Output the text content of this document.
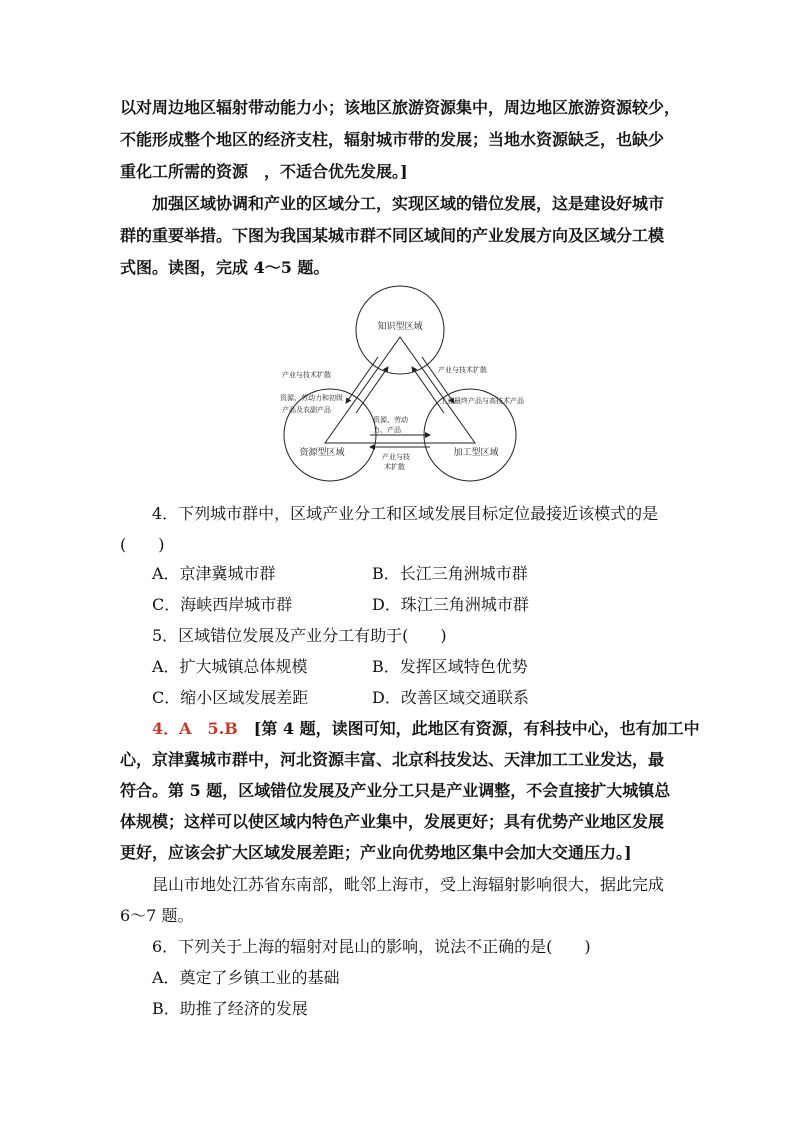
以对周边地区辐射带动能力小；该地区旅游资源集中，周边地区旅游资源较少，
不能形成整个地区的经济支柱，辐射城市带的发展；当地水资源缺乏，也缺少
重化工所需的资源　，不适合优先发展。]
加强区域协调和产业的区域分工，实现区域的错位发展，这是建设好城市
群的重要举措。下图为我国某城市群不同区域间的产业发展方向及区域分工模
式图。读图，完成 4～5 题。
知识型区域
资源型区域	加工型区域
产业与技术扩散
产业与技术扩散
资源、劳动力和初级
产品及农副产品
工业最终产品与高技术产品
资源、劳动
力、产品
产业与技
术扩散
4．下列城市群中，区域产业分工和区域发展目标定位最接近该模式的是
(　　)
A．京津冀城市群	B．长江三角洲城市群
C．海峡西岸城市群	D．珠江三角洲城市群
5．区域错位发展及产业分工有助于(　　)
A．扩大城镇总体规模	B．发挥区域特色优势
C．缩小区域发展差距	D．改善区域交通联系
4．A　5.B　[第 4 题，读图可知，此地区有资源，有科技中心，也有加工中
心，京津冀城市群中，河北资源丰富、北京科技发达、天津加工工业发达，最
符合。第 5 题，区域错位发展及产业分工只是产业调整，不会直接扩大城镇总
体规模；这样可以使区域内特色产业集中，发展更好；具有优势产业地区发展
更好，应该会扩大区域发展差距；产业向优势地区集中会加大交通压力。]
昆山市地处江苏省东南部，毗邻上海市，受上海辐射影响很大，据此完成
6～7 题。
6．下列关于上海的辐射对昆山的影响，说法不正确的是(　　)
A．奠定了乡镇工业的基础
B．助推了经济的发展
